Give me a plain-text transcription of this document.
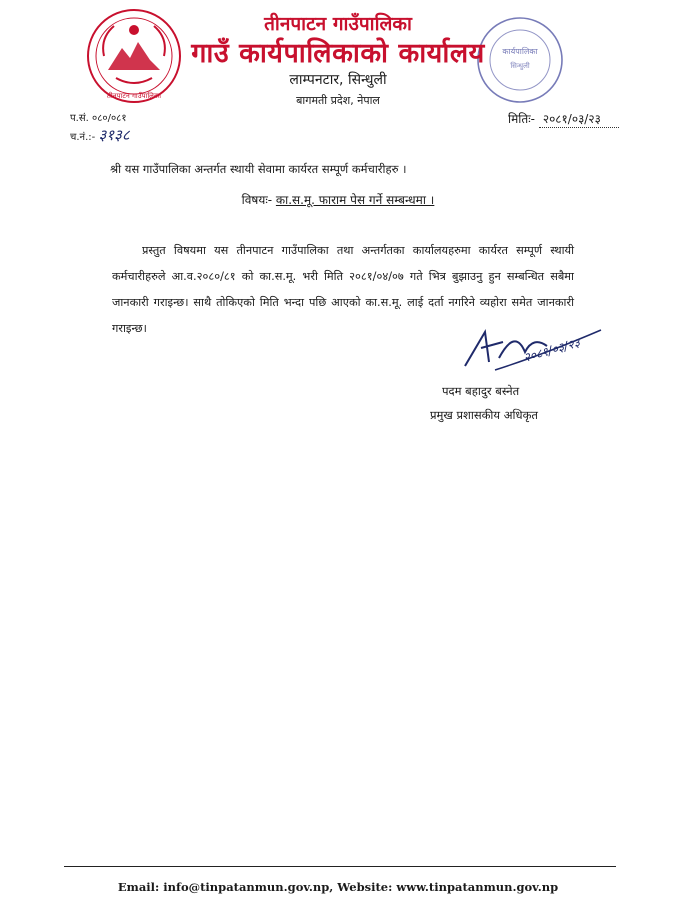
तीनपाटन गाउँपालिका
कार्यपालिका
सिन्धुली
तीनपाटन गाउँपालिका
गाउँ कार्यपालिकाको कार्यालय
लाम्पनटार, सिन्धुली
बागमती प्रदेश, नेपाल
प.सं. ०८०/०८१
च.नं.:- ३१३८
मितिः- २०८१/०३/२३
श्री यस गाउँपालिका अन्तर्गत स्थायी सेवामा कार्यरत सम्पूर्ण कर्मचारीहरु ।
विषयः- का.स.मू. फाराम पेस गर्ने सम्बन्धमा ।

प्रस्तुत विषयमा यस तीनपाटन गाउँपालिका तथा अन्तर्गतका कार्यालयहरुमा कार्यरत सम्पूर्ण स्थायी कर्मचारीहरुले आ.व.२०८०/८१ को का.स.मू. भरी मिति २०८१/०४/०७ गते भित्र बुझाउनु हुन सम्बन्धित सबैमा जानकारी गराइन्छ। साथै तोकिएको मिति भन्दा पछि आएको का.स.मू. लाई दर्ता नगरिने व्यहोरा समेत जानकारी गराइन्छ।

२०८१/०३/२३
पदम बहादुर बस्नेत
प्रमुख प्रशासकीय अधिकृत
Email: info@tinpatanmun.gov.np, Website: www.tinpatanmun.gov.np
